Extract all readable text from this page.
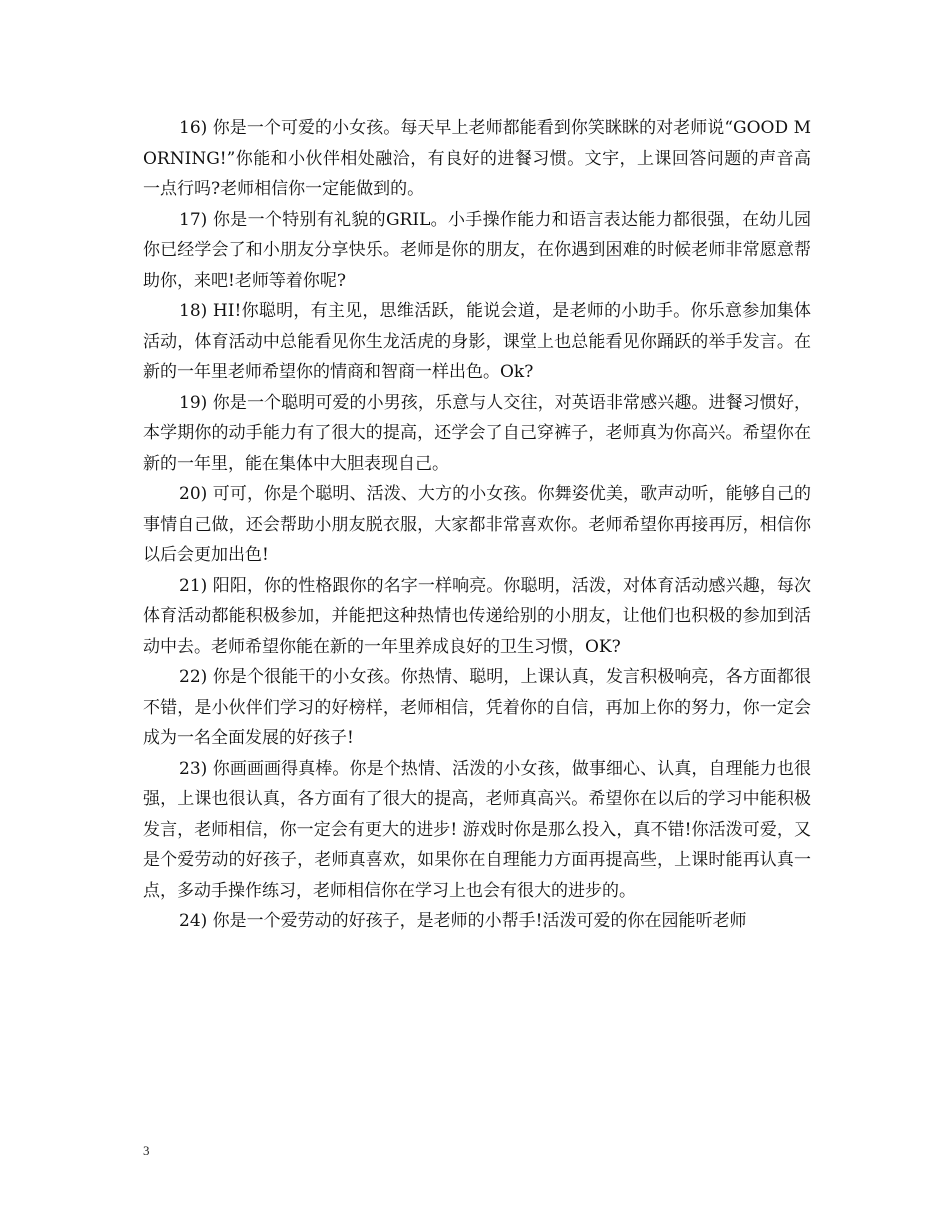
16) 你是一个可爱的小女孩。每天早上老师都能看到你笑眯眯的对老师说“GOOD MORNING!”你能和小伙伴相处融洽，有良好的进餐习惯。文宇，上课回答问题的声音高一点行吗?老师相信你一定能做到的。

17) 你是一个特别有礼貌的GRIL。小手操作能力和语言表达能力都很强，在幼儿园你已经学会了和小朋友分享快乐。老师是你的朋友，在你遇到困难的时候老师非常愿意帮助你，来吧!老师等着你呢?

18) HI!你聪明，有主见，思维活跃，能说会道，是老师的小助手。你乐意参加集体活动，体育活动中总能看见你生龙活虎的身影，课堂上也总能看见你踊跃的举手发言。在新的一年里老师希望你的情商和智商一样出色。Ok?

19) 你是一个聪明可爱的小男孩，乐意与人交往，对英语非常感兴趣。进餐习惯好，本学期你的动手能力有了很大的提高，还学会了自己穿裤子，老师真为你高兴。希望你在新的一年里，能在集体中大胆表现自己。

20) 可可，你是个聪明、活泼、大方的小女孩。你舞姿优美，歌声动听，能够自己的事情自己做，还会帮助小朋友脱衣服，大家都非常喜欢你。老师希望你再接再厉，相信你以后会更加出色!

21) 阳阳，你的性格跟你的名字一样响亮。你聪明，活泼，对体育活动感兴趣，每次体育活动都能积极参加，并能把这种热情也传递给别的小朋友，让他们也积极的参加到活动中去。老师希望你能在新的一年里养成良好的卫生习惯，OK?

22) 你是个很能干的小女孩。你热情、聪明，上课认真，发言积极响亮，各方面都很不错，是小伙伴们学习的好榜样，老师相信，凭着你的自信，再加上你的努力，你一定会成为一名全面发展的好孩子!

23) 你画画画得真棒。你是个热情、活泼的小女孩，做事细心、认真，自理能力也很强，上课也很认真，各方面有了很大的提高，老师真高兴。希望你在以后的学习中能积极发言，老师相信，你一定会有更大的进步! 游戏时你是那么投入，真不错!你活泼可爱，又是个爱劳动的好孩子，老师真喜欢，如果你在自理能力方面再提高些，上课时能再认真一点，多动手操作练习，老师相信你在学习上也会有很大的进步的。

24) 你是一个爱劳动的好孩子，是老师的小帮手!活泼可爱的你在园能听老师

3
